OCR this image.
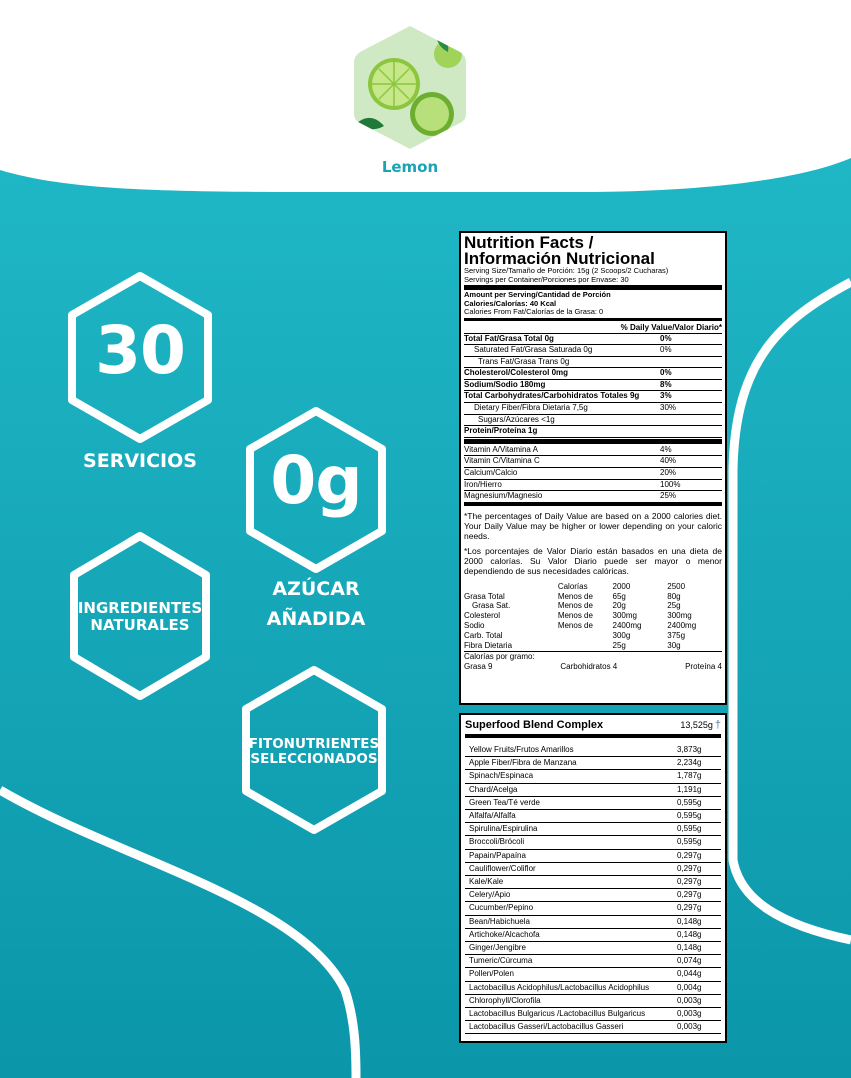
Lemon
30
SERVICIOS	0g
AZÚCAR
AÑADIDA
INGREDIENTES
NATURALES
FITONUTRIENTES
SELECCIONADOS
Nutrition Facts /
Información Nutricional
Serving Size/Tamaño de Porción: 15g (2 Scoops/2 Cucharas)
Servings per Container/Porciones por Envase: 30
Amount per Serving/Cantidad de Porción
Calories/Calorías: 40 Kcal
Calories From Fat/Calorías de la Grasa: 0
% Daily Value/Valor Diario*
Total Fat/Grasa Total 0g	0%
Saturated Fat/Grasa Saturada 0g	0%
Trans Fat/Grasa Trans 0g
Cholesterol/Colesterol 0mg	0%
Sodium/Sodio 180mg	8%
Total Carbohydrates/Carbohidratos Totales 9g	3%
Dietary Fiber/Fibra Dietaria 7,5g	30%
Sugars/Azúcares <1g
Protein/Proteína 1g
Vitamin A/Vitamina A	4%
Vitamin C/Vitamina C	40%
Calcium/Calcio	20%
Iron/Hierro	100%
Magnesium/Magnesio	25%
*The percentages of Daily Value are based on a 2000 calories diet. Your Daily Value may be higher or lower depending on your caloric needs.
*Los porcentajes de Valor Diario están basados en una dieta de 2000 calorías. Su Valor Diario puede ser mayor o menor dependiendo de sus necesidades calóricas.
	Calorías	2000	2500
Grasa Total	Menos de	65g	80g
Grasa Sat.	Menos de	20g	25g
Colesterol	Menos de	300mg	300mg
Sodio	Menos de	2400mg	2400mg
Carb. Total		300g	375g
Fibra Dietaria		25g	30g
Calorías por gramo:
Grasa 9	Carbohidratos 4	Proteína 4
Superfood Blend Complex	13,525g †
Yellow Fruits/Frutos Amarillos	3,873g
Apple Fiber/Fibra de Manzana	2,234g
Spinach/Espinaca	1,787g
Chard/Acelga	1,191g
Green Tea/Té verde	0,595g
Alfalfa/Alfalfa	0,595g
Spirulina/Espirulina	0,595g
Broccoli/Brócoli	0,595g
Papain/Papaína	0,297g
Cauliflower/Coliflor	0,297g
Kale/Kale	0,297g
Celery/Apio	0,297g
Cucumber/Pepino	0,297g
Bean/Habichuela	0,148g
Artichoke/Alcachofa	0,148g
Ginger/Jengibre	0,148g
Tumeric/Cúrcuma	0,074g
Pollen/Polen	0,044g
Lactobacillus Acidophilus/Lactobacillus Acidophilus	0,004g
Chlorophyll/Clorofila	0,003g
Lactobacillus Bulgaricus /Lactobacillus Bulgaricus	0,003g
Lactobacillus Gasseri/Lactobacillus Gasseri	0,003g
